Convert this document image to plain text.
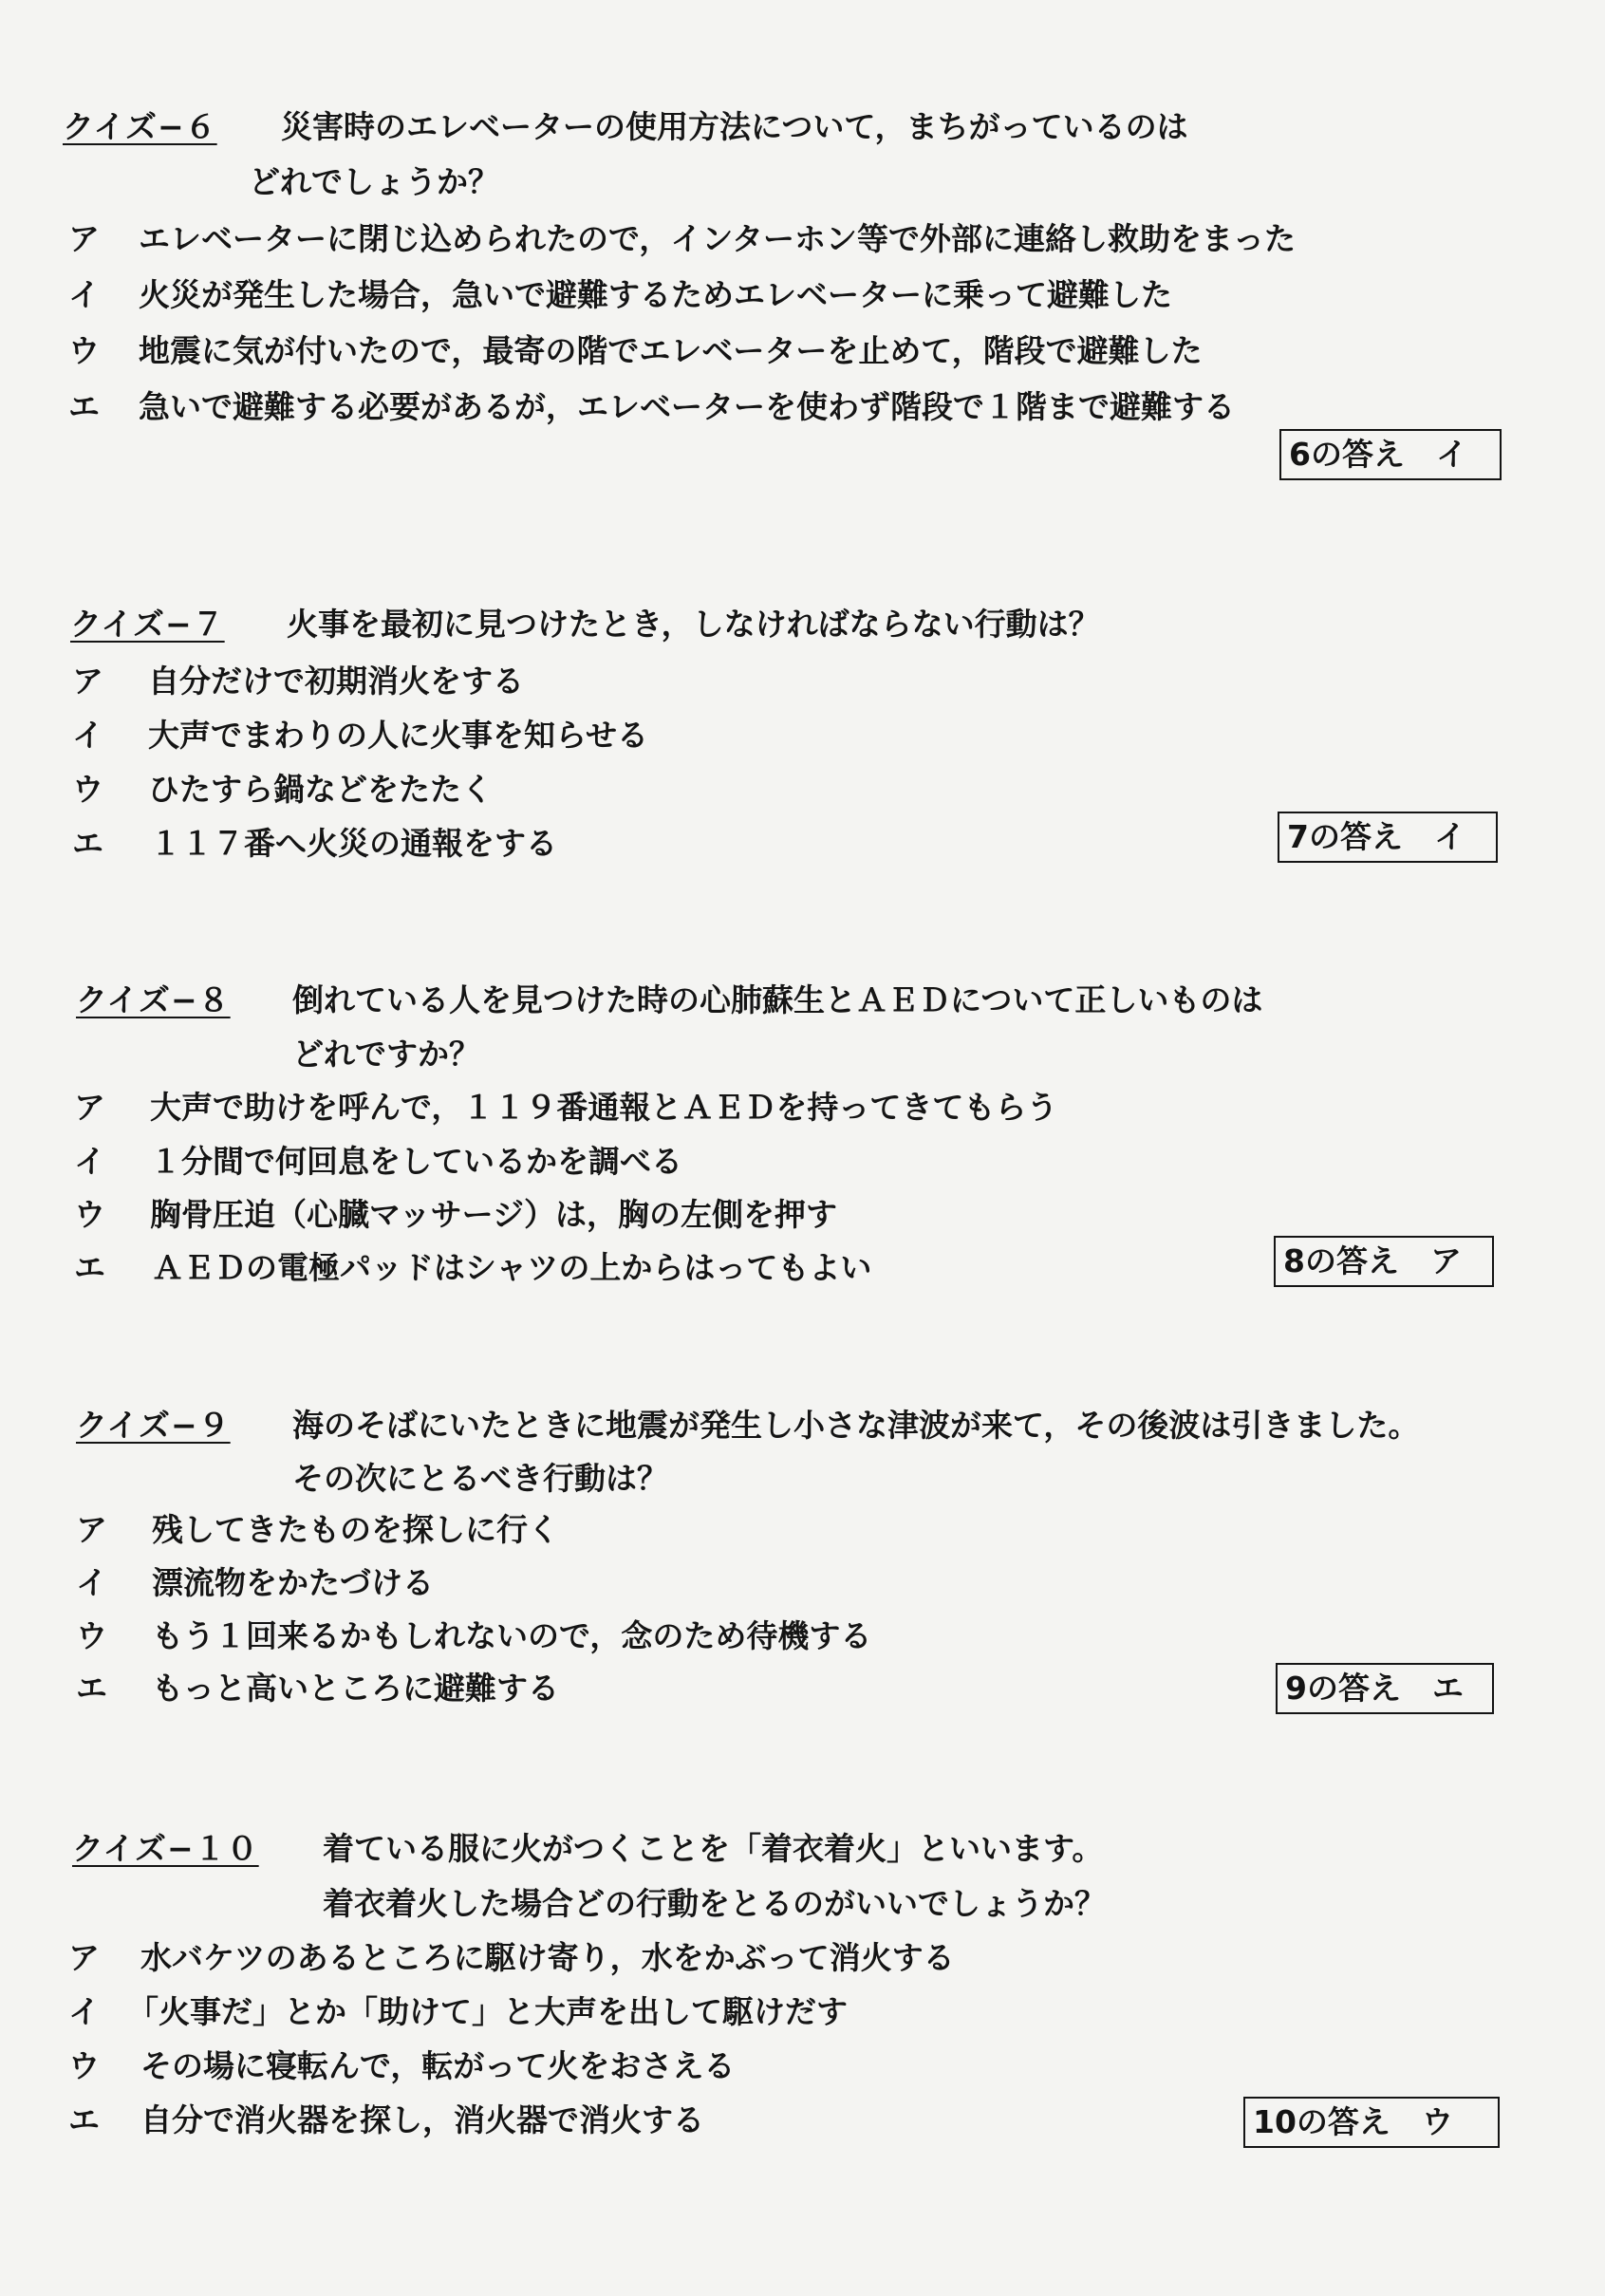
クイズ−６ 災害時のエレベーターの使用方法について，まちがっているのは
どれでしょうか？
ア エレベーターに閉じ込められたので，インターホン等で外部に連絡し救助をまった
イ 火災が発生した場合，急いで避難するためエレベーターに乗って避難した
ウ 地震に気が付いたので，最寄の階でエレベーターを止めて，階段で避難した
エ 急いで避難する必要があるが，エレベーターを使わず階段で１階まで避難する
6の答え　イ
クイズ−７ 火事を最初に見つけたとき，しなければならない行動は？
ア 自分だけで初期消火をする
イ 大声でまわりの人に火事を知らせる
ウ ひたすら鍋などをたたく
エ １１７番へ火災の通報をする	7の答え　イ
クイズ−８ 倒れている人を見つけた時の心肺蘇生とＡＥＤについて正しいものは
どれですか？
ア 大声で助けを呼んで，１１９番通報とＡＥＤを持ってきてもらう
イ １分間で何回息をしているかを調べる
ウ 胸骨圧迫（心臓マッサージ）は，胸の左側を押す
エ ＡＥＤの電極パッドはシャツの上からはってもよい	8の答え　ア
クイズ−９ 海のそばにいたときに地震が発生し小さな津波が来て，その後波は引きました。
その次にとるべき行動は？
ア 残してきたものを探しに行く
イ 漂流物をかたづける
ウ もう１回来るかもしれないので，念のため待機する
エ もっと高いところに避難する	9の答え　エ
クイズ−１０ 着ている服に火がつくことを「着衣着火」といいます。
着衣着火した場合どの行動をとるのがいいでしょうか？
ア 水バケツのあるところに駆け寄り，水をかぶって消火する
イ 「火事だ」とか「助けて」と大声を出して駆けだす
ウ その場に寝転んで，転がって火をおさえる
エ 自分で消火器を探し，消火器で消火する	10の答え　ウ
